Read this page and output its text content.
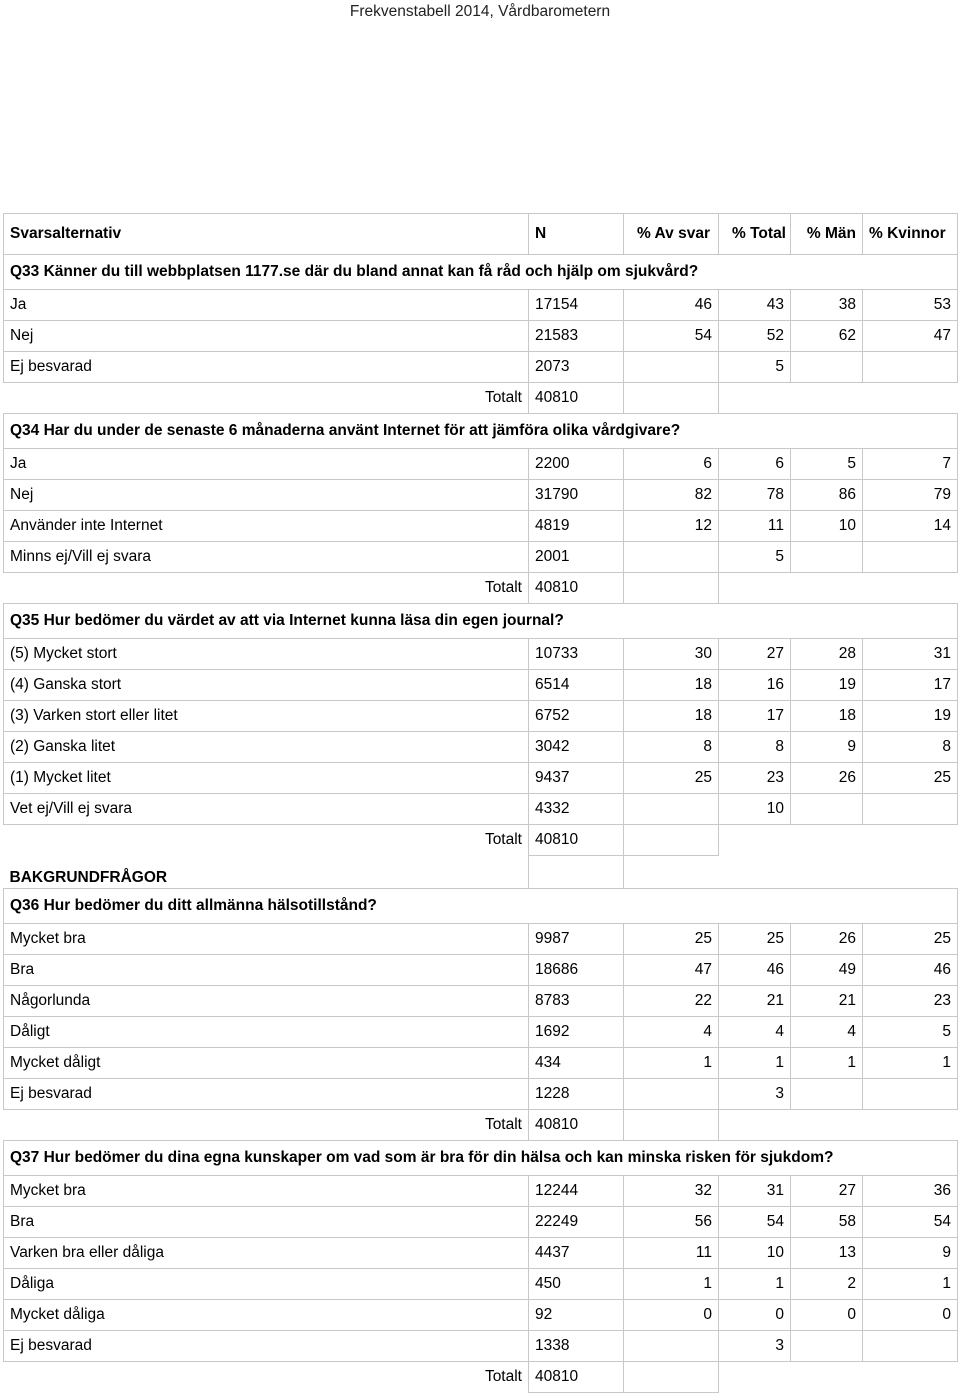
Frekvenstabell 2014, Vårdbarometern
Svarsalternativ	N	% Av svar	% Total	% Män	% Kvinnor
Q33 Känner du till webbplatsen 1177.se där du bland annat kan få råd och hjälp om sjukvård?					
Ja	17154	46	43	38	53
Nej	21583	54	52	62	47
Ej besvarad	2073		5		
Totalt	40810				
Q34 Har du under de senaste 6 månaderna använt Internet för att jämföra olika vårdgivare?					
Ja	2200	6	6	5	7
Nej	31790	82	78	86	79
Använder inte Internet	4819	12	11	10	14
Minns ej/Vill ej svara	2001		5		
Totalt	40810				
Q35 Hur bedömer du värdet av att via Internet kunna läsa din egen journal?					
(5) Mycket stort	10733	30	27	28	31
(4) Ganska stort	6514	18	16	19	17
(3) Varken stort eller litet	6752	18	17	18	19
(2) Ganska litet	3042	8	8	9	8
(1) Mycket litet	9437	25	23	26	25
Vet ej/Vill ej svara	4332		10		
Totalt	40810				
BAKGRUNDFRÅGOR					
Q36 Hur bedömer du ditt allmänna hälsotillstånd?					
Mycket bra	9987	25	25	26	25
Bra	18686	47	46	49	46
Någorlunda	8783	22	21	21	23
Dåligt	1692	4	4	4	5
Mycket dåligt	434	1	1	1	1
Ej besvarad	1228		3		
Totalt	40810				
Q37 Hur bedömer du dina egna kunskaper om vad som är bra för din hälsa och kan minska risken för sjukdom?					
Mycket bra	12244	32	31	27	36
Bra	22249	56	54	58	54
Varken bra eller dåliga	4437	11	10	13	9
Dåliga	450	1	1	2	1
Mycket dåliga	92	0	0	0	0
Ej besvarad	1338		3		
Totalt	40810				
